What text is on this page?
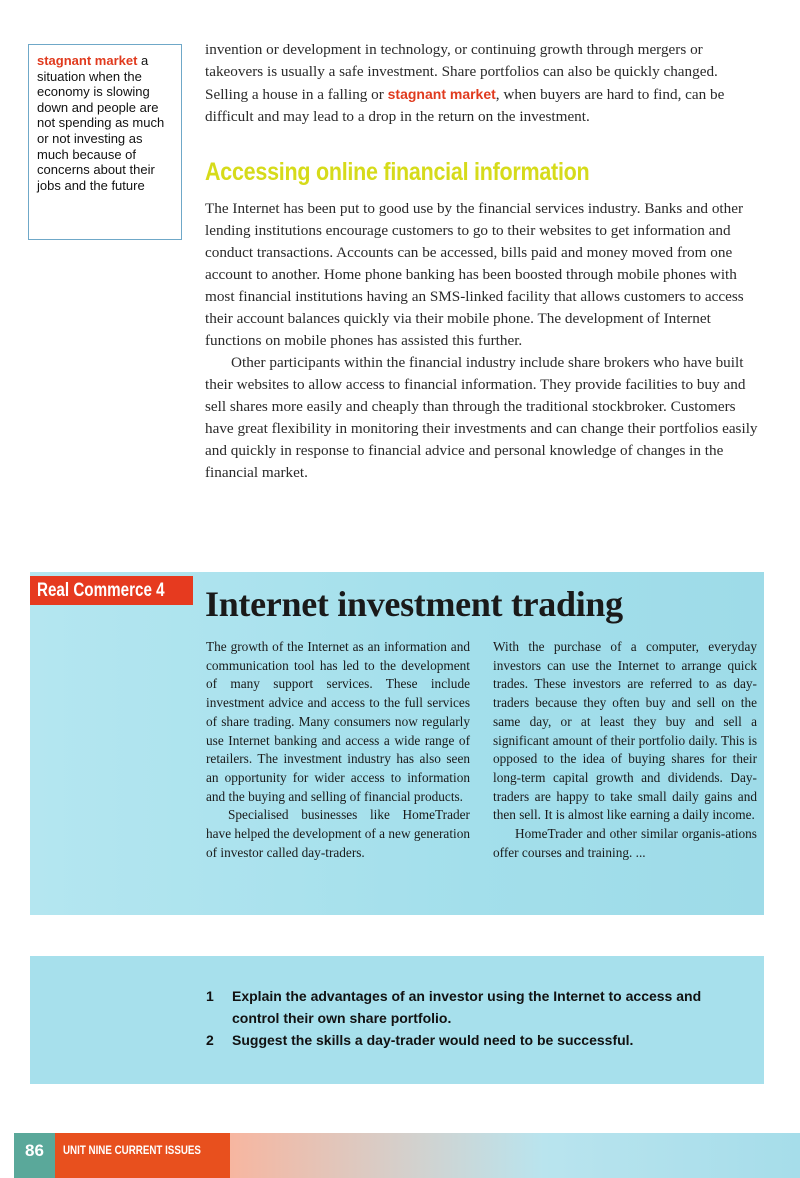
stagnant market a situation when the economy is slowing down and people are not spending as much or not investing as much because of concerns about their jobs and the future

invention or development in technology, or continuing growth through mergers or takeovers is usually a safe investment. Share portfolios can also be quickly changed. Selling a house in a falling or stagnant market, when buyers are hard to find, can be difficult and may lead to a drop in the return on the investment.

Accessing online financial information

The Internet has been put to good use by the financial services industry. Banks and other lending institutions encourage customers to go to their websites to get information and conduct transactions. Accounts can be accessed, bills paid and money moved from one account to another. Home phone banking has been boosted through mobile phones with most financial institutions having an SMS-linked facility that allows customers to access their account balances quickly via their mobile phone. The development of Internet functions on mobile phones has assisted this further.

Other participants within the financial industry include share brokers who have built their websites to allow access to financial information. They provide facilities to buy and sell shares more easily and cheaply than through the traditional stockbroker. Customers have great flexibility in monitoring their investments and can change their portfolios easily and quickly in response to financial advice and personal knowledge of changes in the financial market.

Real Commerce 4	Internet investment trading

The growth of the Internet as an information and communication tool has led to the development of many support services. These include investment advice and access to the full services of share trading. Many consumers now regularly use Internet banking and access a wide range of retailers. The investment industry has also seen an opportunity for wider access to information and the buying and selling of financial products.

Specialised businesses like HomeTrader have helped the development of a new generation of investor called day-traders.

With the purchase of a computer, everyday investors can use the Internet to arrange quick trades. These investors are referred to as day-traders because they often buy and sell on the same day, or at least they buy and sell a significant amount of their portfolio daily. This is opposed to the idea of buying shares for their long-term capital growth and dividends. Day-traders are happy to take small daily gains and then sell. It is almost like earning a daily income.

HomeTrader and other similar organis-ations offer courses and training. ...

1	Explain the advantages of an investor using the Internet to access and control their own share portfolio.
2	Suggest the skills a day-trader would need to be successful.
86	UNIT NINE CURRENT ISSUES
